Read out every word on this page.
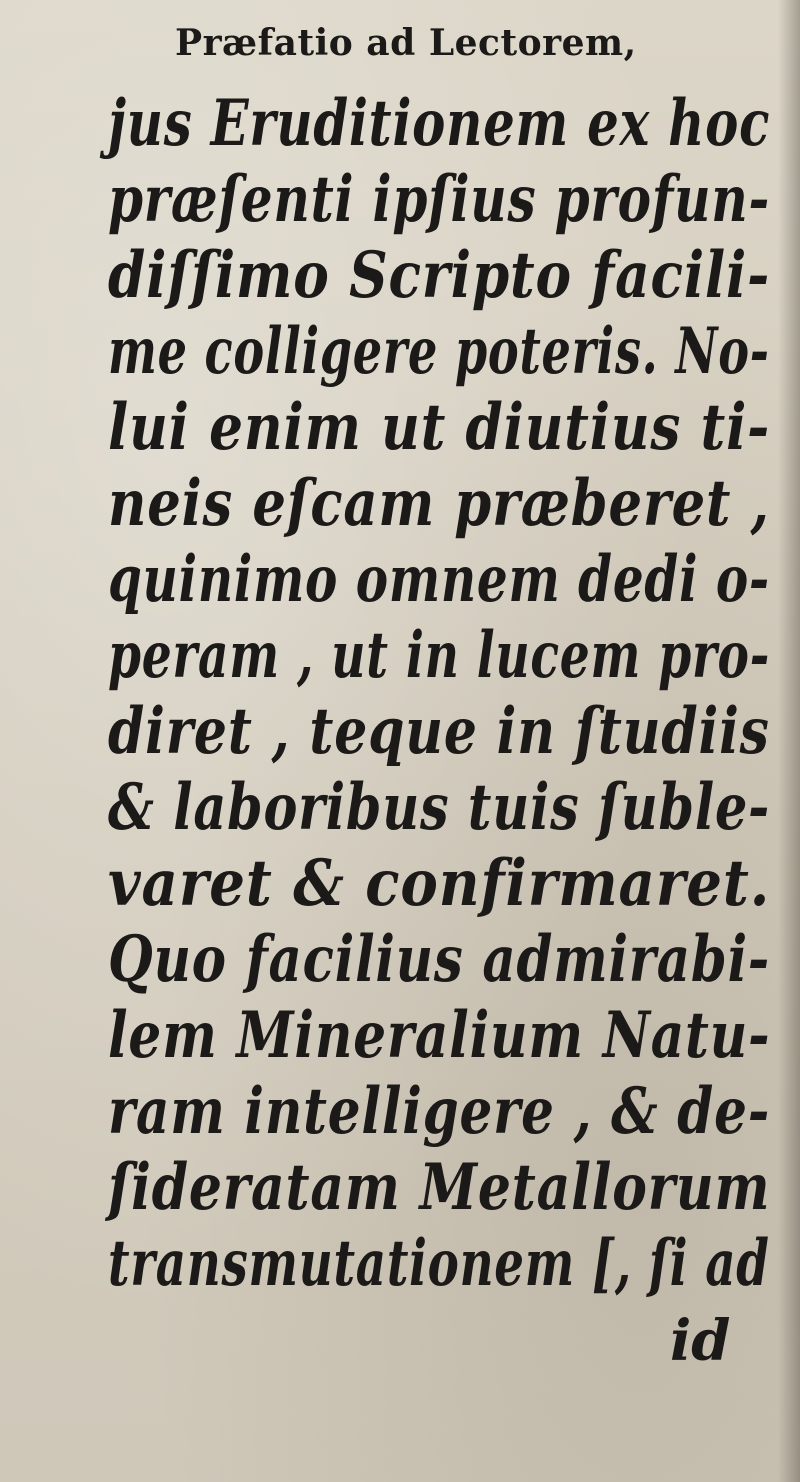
Præfatio ad Lectorem,
jus Eruditionem ex hoc
præſenti ipſius profun-
diſſimo Scripto facili-
me colligere poteris. No-
lui enim ut diutius ti-
neis eſcam præberet ,
quinimo omnem dedi o-
peram , ut in lucem pro-
diret , teque in ſtudiis
& laboribus tuis ſuble-
varet & confirmaret.
Quo facilius admirabi-
lem Mineralium Natu-
ram intelligere , & de-
ſideratam Metallorum
transmutationem [, ſi ad
id
